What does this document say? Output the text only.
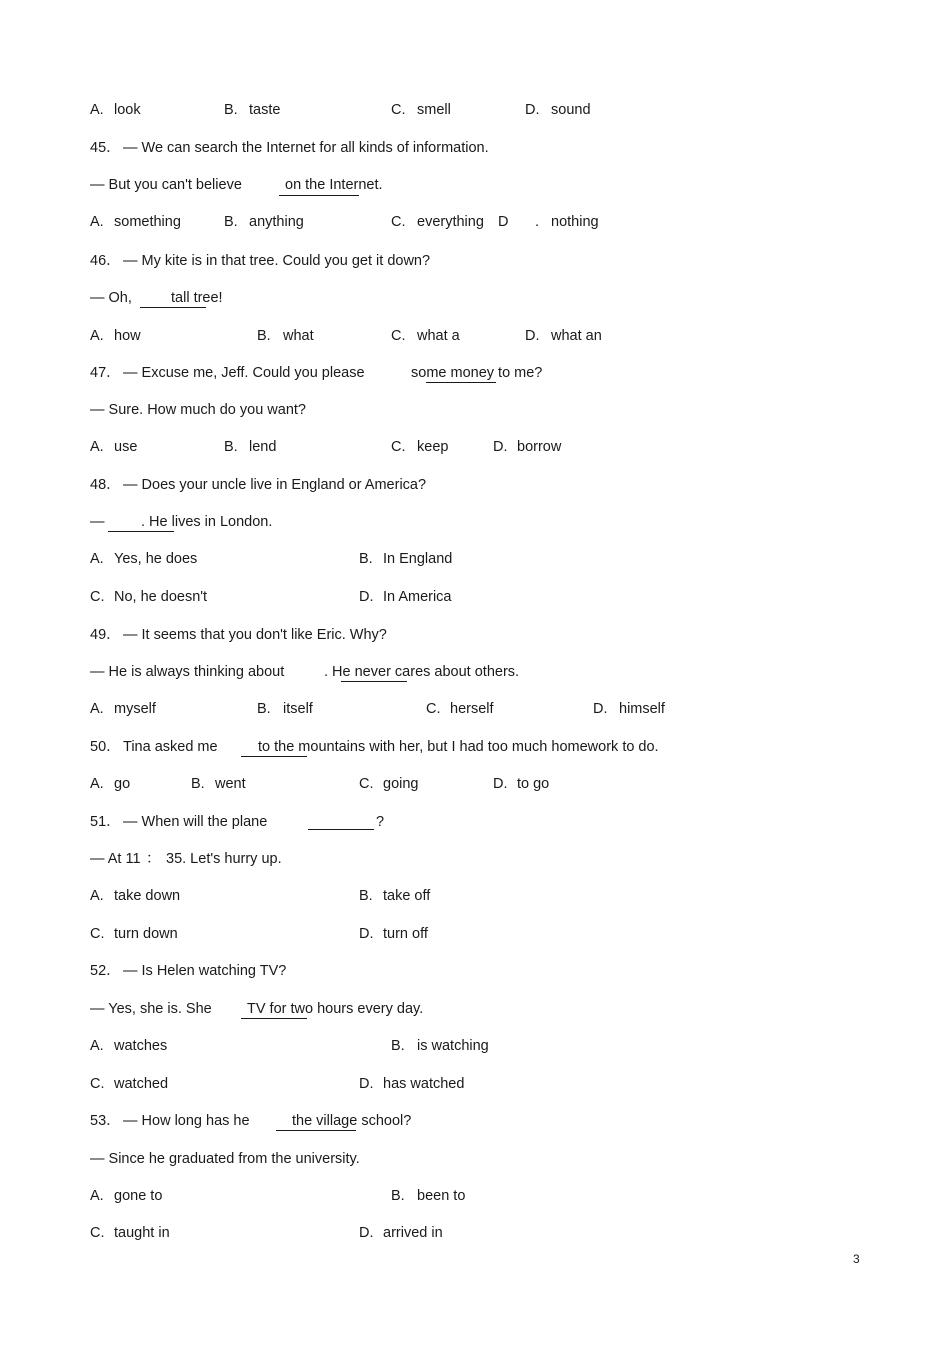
A. look	B. taste	C. smell	D. sound
45． — We can search the Internet for all kinds of information.
— But you can't believe	on the Internet.
A. something	B. anything	C. everything D . nothing
46． — My kite is in that tree. Could you get it down?
— Oh,	tall tree!
A. how	B. what	C. what a	D. what an
47． — Excuse me, Jeff. Could you please	some money to me?
— Sure. How much do you want?
A. use	B. lend	C. keep	D. borrow
48． — Does your uncle live in England or America?
—	. He lives in London.
A. Yes, he does	B. In England
C. No, he doesn't	D. In America
49． — It seems that you don't like Eric. Why?
— He is always thinking about	. He never cares about others.
A. myself	B. itself	C. herself	D. himself
50． Tina asked me	to the mountains with her, but I had too much homework to do.
A. go	B. went	C. going	D. to go
51． — When will the plane	?
— At 11 ： 35. Let's hurry up.
A. take down	B. take off
C. turn down	D. turn off
52． — Is Helen watching TV?
— Yes, she is. She TV for two hours every day.
A. watches	B. is watching
C. watched	D. has watched
53． — How long has he	the village school?
— Since he graduated from the university.
A. gone to	B. been to
C. taught in	D. arrived in
3
